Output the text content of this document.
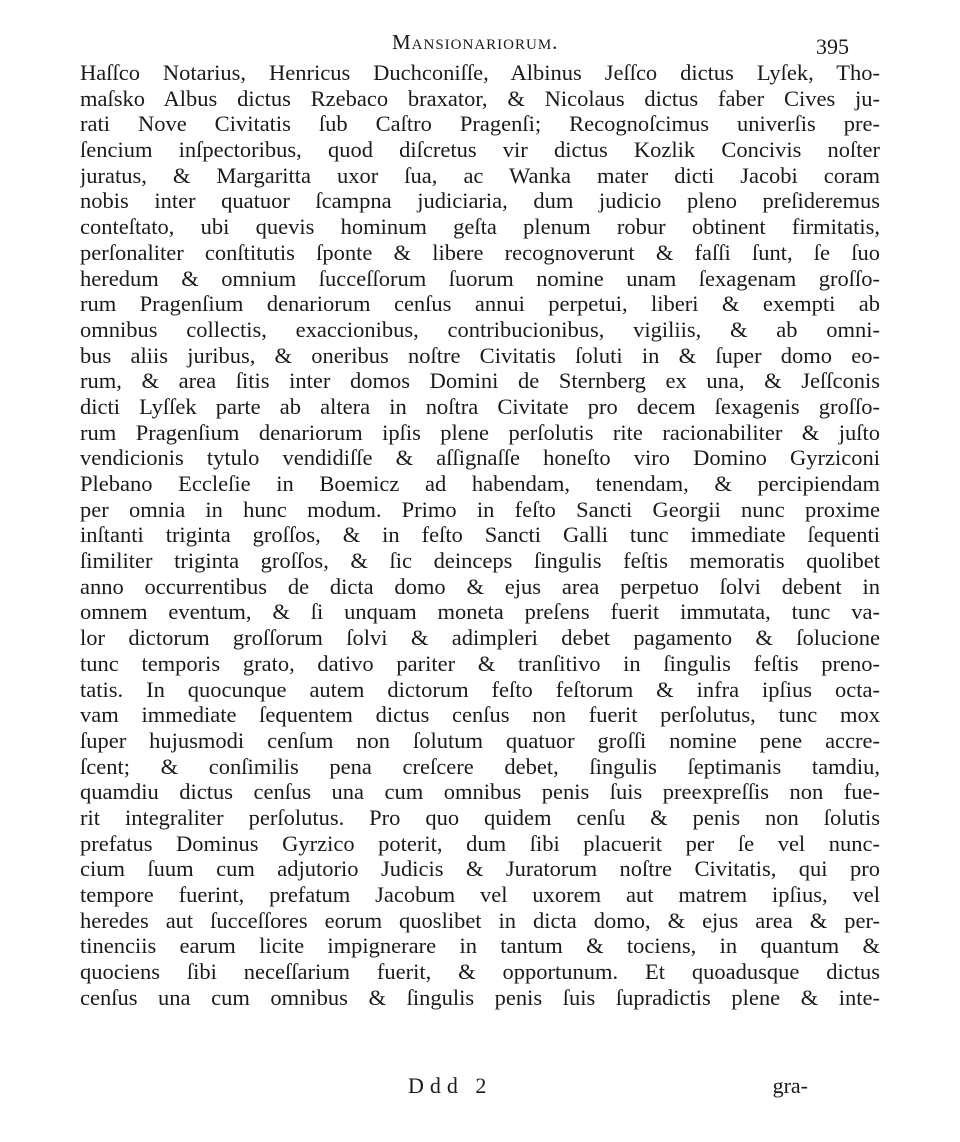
Mansionariorum.	395
Haſſco Notarius, Henricus Duchconiſſe, Albinus Jeſſco dictus Lyſek, Tho-
maſsko Albus dictus Rzebaco braxator, & Nicolaus dictus faber Cives ju-
rati Nove Civitatis ſub Caſtro Pragenſi; Recognoſcimus univerſis pre-
ſencium inſpectoribus, quod diſcretus vir dictus Kozlik Concivis noſter
juratus, & Margaritta uxor ſua, ac Wanka mater dicti Jacobi coram
nobis inter quatuor ſcampna judiciaria, dum judicio pleno preſideremus
conteſtato, ubi quevis hominum geſta plenum robur obtinent firmitatis,
perſonaliter conſtitutis ſponte & libere recognoverunt & faſſi ſunt, ſe ſuo
heredum & omnium ſucceſſorum ſuorum nomine unam ſexagenam groſſo-
rum Pragenſium denariorum cenſus annui perpetui, liberi & exempti ab
omnibus collectis, exaccionibus, contribucionibus, vigiliis, & ab omni-
bus aliis juribus, & oneribus noſtre Civitatis ſoluti in & ſuper domo eo-
rum, & area ſitis inter domos Domini de Sternberg ex una, & Jeſſconis
dicti Lyſſek parte ab altera in noſtra Civitate pro decem ſexagenis groſſo-
rum Pragenſium denariorum ipſis plene perſolutis rite racionabiliter & juſto
vendicionis tytulo vendidiſſe & aſſignaſſe honeſto viro Domino Gyrziconi
Plebano Eccleſie in Boemicz ad habendam, tenendam, & percipiendam
per omnia in hunc modum. Primo in feſto Sancti Georgii nunc proxime
inſtanti triginta groſſos, & in feſto Sancti Galli tunc immediate ſequenti
ſimiliter triginta groſſos, & ſic deinceps ſingulis feſtis memoratis quolibet
anno occurrentibus de dicta domo & ejus area perpetuo ſolvi debent in
omnem eventum, & ſi unquam moneta preſens fuerit immutata, tunc va-
lor dictorum groſſorum ſolvi & adimpleri debet pagamento & ſolucione
tunc temporis grato, dativo pariter & tranſitivo in ſingulis feſtis preno-
tatis. In quocunque autem dictorum feſto feſtorum & infra ipſius octa-
vam immediate ſequentem dictus cenſus non fuerit perſolutus, tunc mox
ſuper hujusmodi cenſum non ſolutum quatuor groſſi nomine pene accre-
ſcent; & conſimilis pena creſcere debet, ſingulis ſeptimanis tamdiu,
quamdiu dictus cenſus una cum omnibus penis ſuis preexpreſſis non fue-
rit integraliter perſolutus. Pro quo quidem cenſu & penis non ſolutis
prefatus Dominus Gyrzico poterit, dum ſibi placuerit per ſe vel nunc-
cium ſuum cum adjutorio Judicis & Juratorum noſtre Civitatis, qui pro
tempore fuerint, prefatum Jacobum vel uxorem aut matrem ipſius, vel
heredes aut ſucceſſores eorum quoslibet in dicta domo, & ejus area & per-
tinenciis earum licite impignerare in tantum & tociens, in quantum &
quociens ſibi neceſſarium fuerit, & opportunum. Et quoadusque dictus
cenſus una cum omnibus & ſingulis penis ſuis ſupradictis plene & inte-
Ddd 2	gra-
